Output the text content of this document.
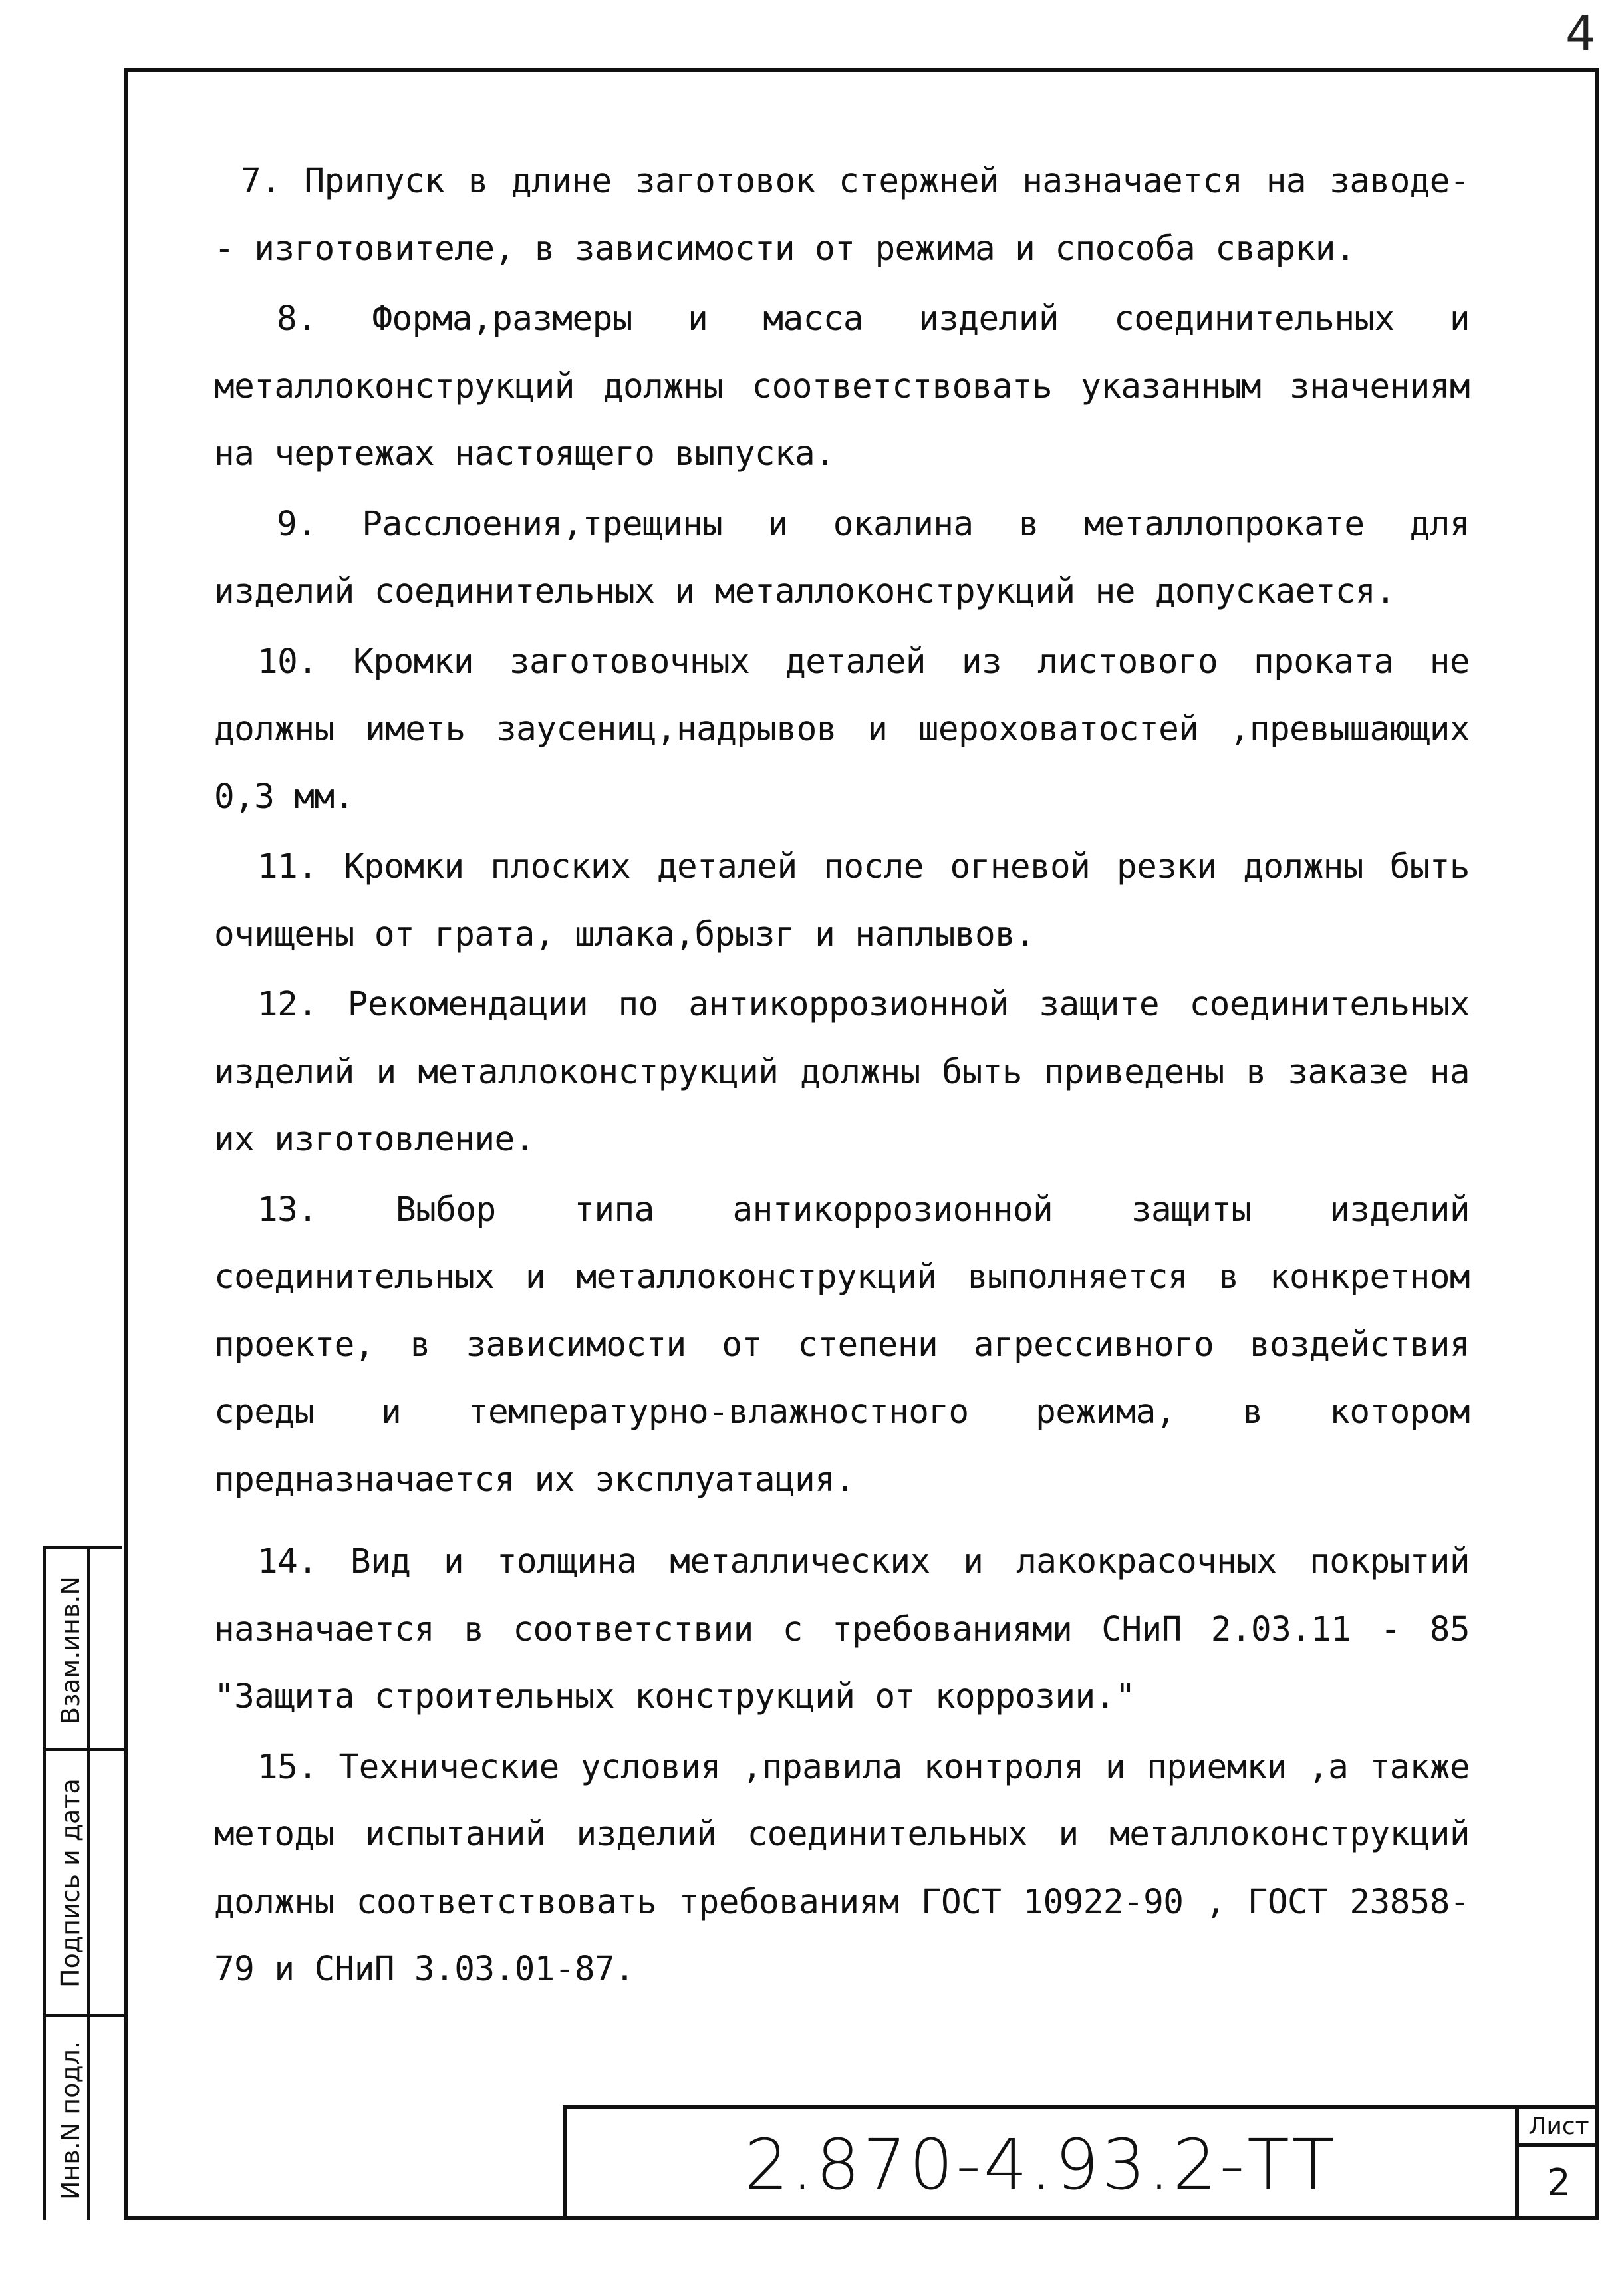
4

7. Припуск в длине заготовок стержней назначается на заводе- - изготовителе, в зависимости от режима и способа сварки.

8. Форма,размеры и масса изделий соединительных и металлоконструкций должны соответствовать указанным значениям на чертежах настоящего выпуска.

9. Расслоения,трещины и окалина в металлопрокате для изделий соединительных и металлоконструкций не допускается.

10. Кромки заготовочных деталей из листового проката не должны иметь заусениц,надрывов и шероховатостей ,превышающих 0,3 мм.

11. Кромки плоских деталей после огневой резки должны быть очищены от грата, шлака,брызг и наплывов.

12. Рекомендации по антикоррозионной защите соединительных изделий и металлоконструкций должны быть приведены в заказе на их изготовление.

13. Выбор типа антикоррозионной защиты изделий соединительных и металлоконструкций выполняется в конкретном проекте, в зависимости от степени агрессивного воздействия среды и температурно-влажностного режима, в котором предназначается их эксплуатация.

14. Вид и толщина металлических и лакокрасочных покрытий назначается в соответствии с требованиями СНиП 2.03.11 - 85 "Защита строительных конструкций от коррозии."

15. Технические условия ,правила контроля и приемки ,а также методы испытаний изделий соединительных и металлоконструкций должны соответствовать требованиям ГОСТ 10922-90 , ГОСТ 23858-79 и СНиП 3.03.01-87.

Взам.инв.N
Подпись и дата
Инв.N подл.	2.870-4.93.2-ТТ	Лист
2
